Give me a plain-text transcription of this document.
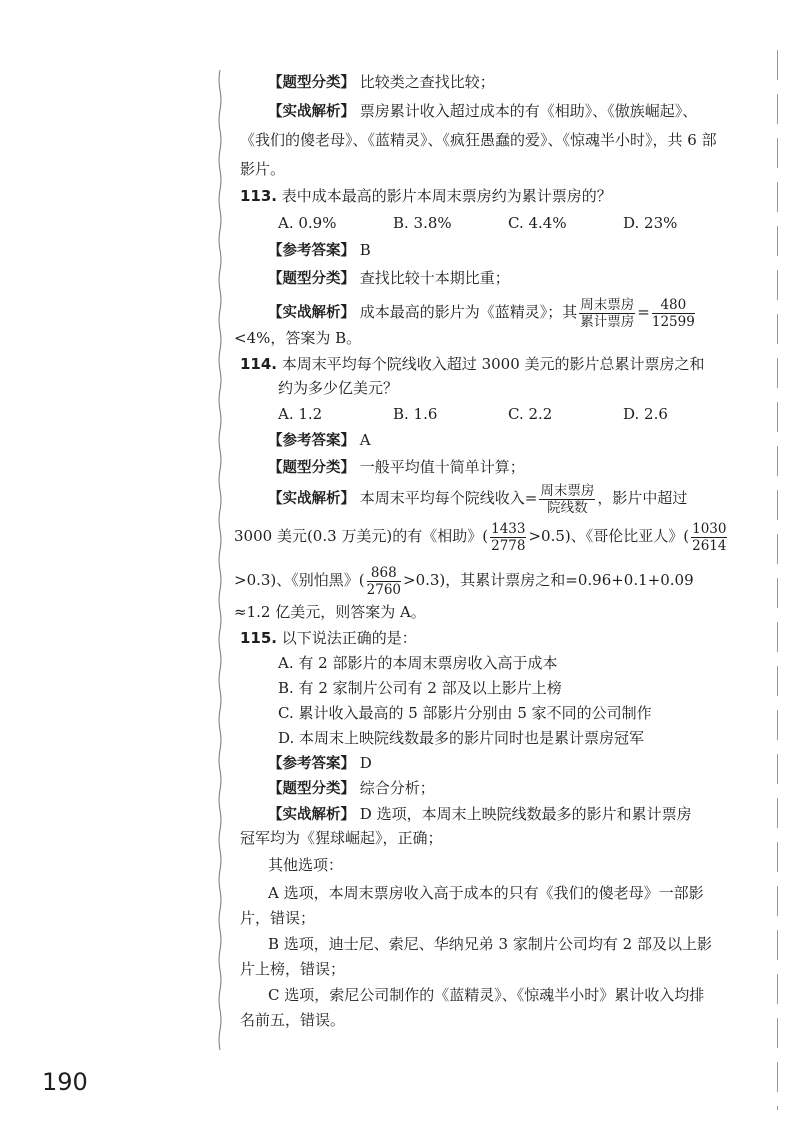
【题型分类】 比较类之查找比较；
【实战解析】 票房累计收入超过成本的有《相助》、《傲族崛起》、
《我们的傻老母》、《蓝精灵》、《疯狂愚蠢的爱》、《惊魂半小时》，共 6 部
影片。
113. 表中成本最高的影片本周末票房约为累计票房的？
A. 0.9%	B. 3.8%	C. 4.4%	D. 23%
【参考答案】 B
【题型分类】 查找比较十本期比重；
【实战解析】 成本最高的影片为《蓝精灵》；其 $\frac{\text{周末票房}}{\text{累计票房}} = \frac{480}{12599}$
<4%，答案为 B。
114. 本周末平均每个院线收入超过 3000 美元的影片总累计票房之和
约为多少亿美元？
A. 1.2	B. 1.6	C. 2.2	D. 2.6
【参考答案】 A
【题型分类】 一般平均值十简单计算；
【实战解析】 本周末平均每个院线收入= $\frac{\text{周末票房}}{\text{院线数}}$ ，影片中超过
3000 美元(0.3 万美元)的有《相助》( $\frac{1433}{2778} >0.5$)、《哥伦比亚人》( $\frac{1030}{2614}$
>0.3)、《别怕黑》( $\frac{868}{2760} >0.3$)，其累计票房之和=0.96+0.1+0.09
≈1.2 亿美元，则答案为 A。
115. 以下说法正确的是：
A. 有 2 部影片的本周末票房收入高于成本
B. 有 2 家制片公司有 2 部及以上影片上榜
C. 累计收入最高的 5 部影片分别由 5 家不同的公司制作
D. 本周末上映院线数最多的影片同时也是累计票房冠军
【参考答案】 D
【题型分类】 综合分析；
【实战解析】 D 选项，本周末上映院线数最多的影片和累计票房
冠军均为《猩球崛起》，正确；
其他选项：
A 选项，本周末票房收入高于成本的只有《我们的傻老母》一部影
片，错误；
B 选项，迪士尼、索尼、华纳兄弟 3 家制片公司均有 2 部及以上影
片上榜，错误；
C 选项，索尼公司制作的《蓝精灵》、《惊魂半小时》累计收入均排
名前五，错误。
190
